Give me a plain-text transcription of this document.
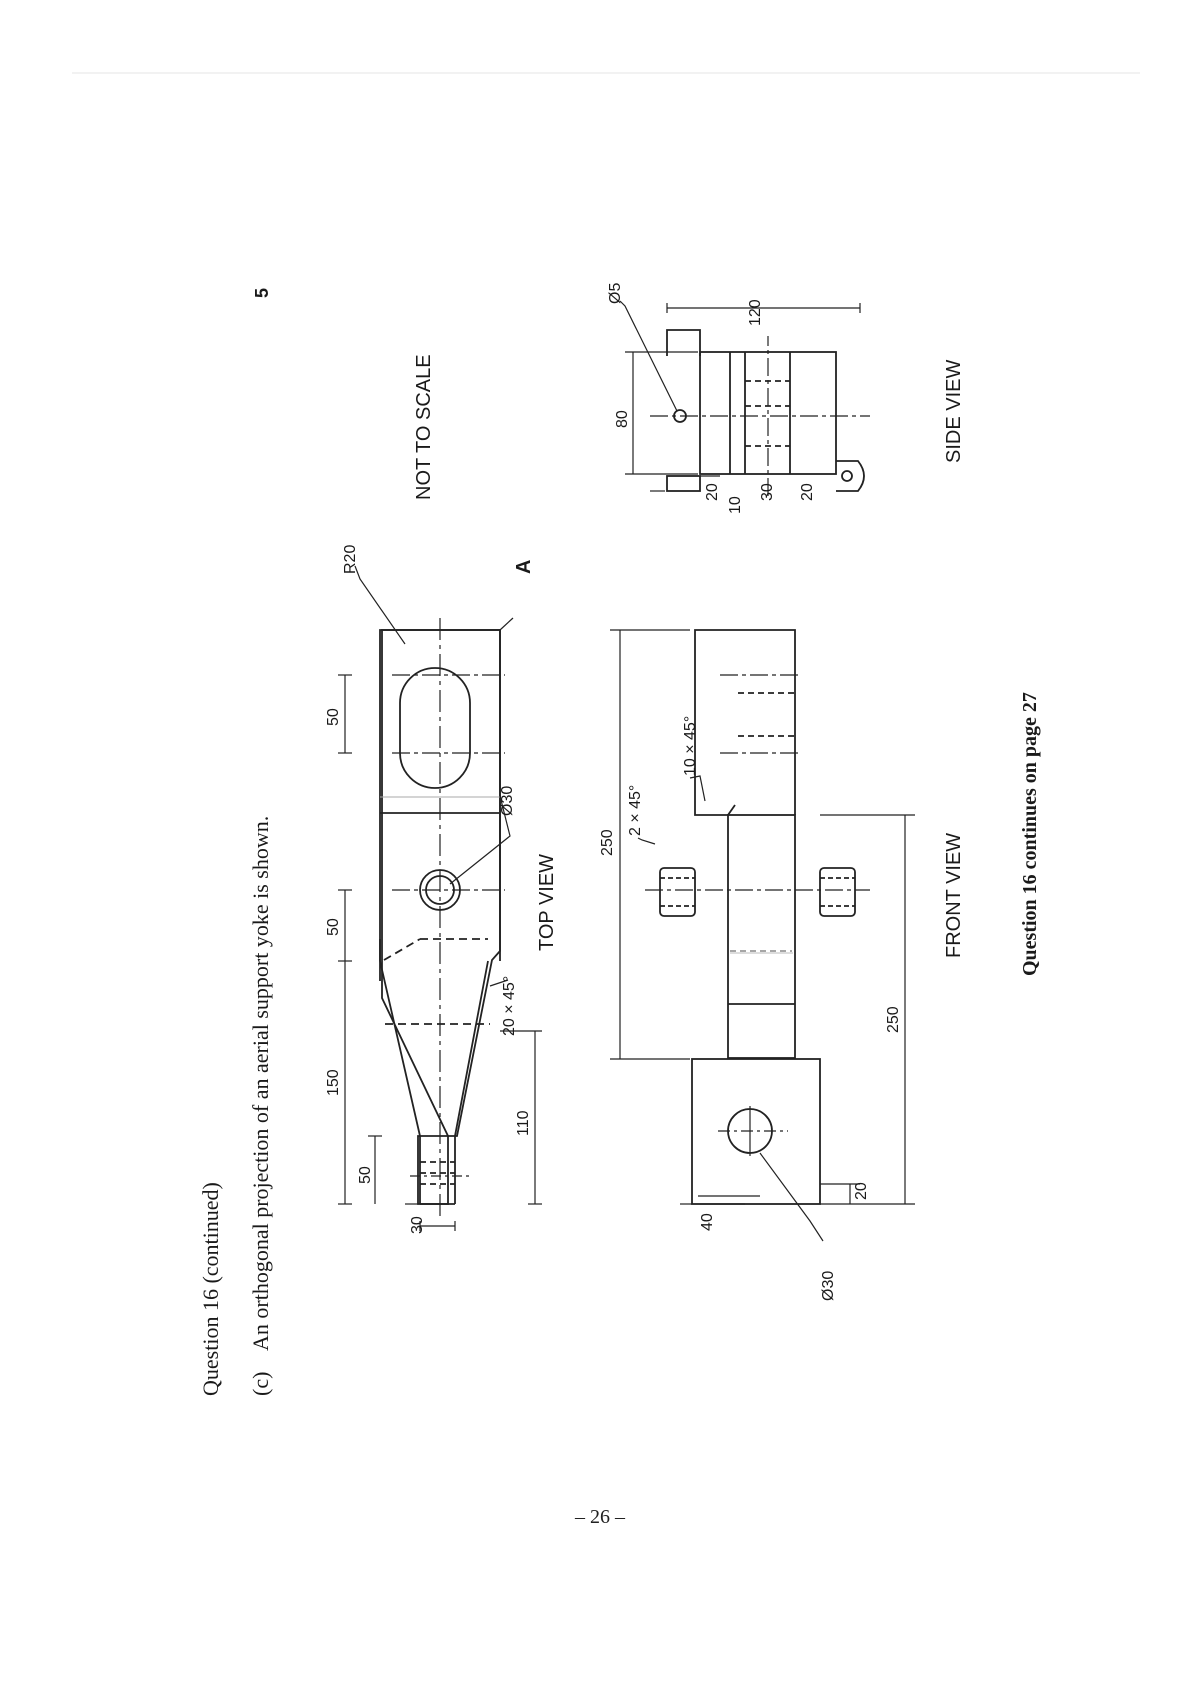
Question 16 (continued) (c)
An orthogonal projection of an aerial support yoke is shown.
5
NOT TO SCALE
R20
50
Ø30
50
20 × 45°
150
110
50
30
A
TOP VIEW
250
2 × 45°
10 × 45°
250
20
40
Ø30
FRONT VIEW
Ø5
80
120
20
10
30 20
SIDE VIEW
Question 16 continues on page 27
– 26 –
